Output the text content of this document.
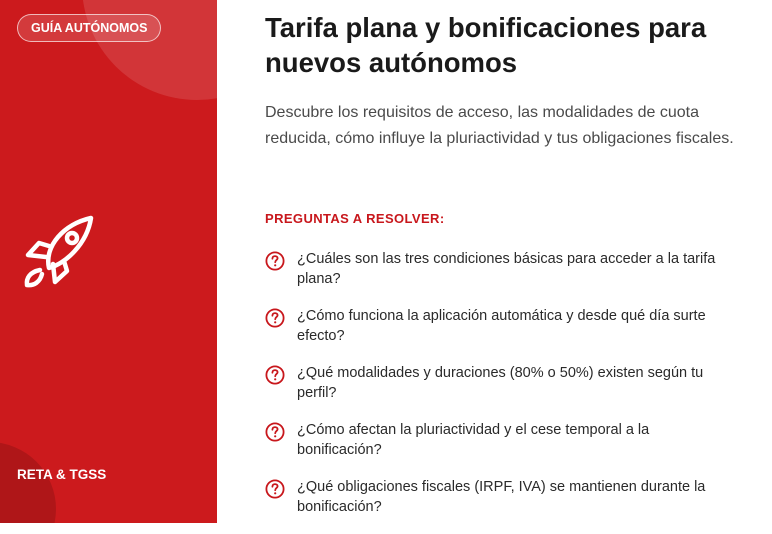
GUÍA AUTÓNOMOS
RETA & TGSS
Tarifa plana y bonificaciones para nuevos autónomos

Descubre los requisitos de acceso, las modalidades de cuota reducida, cómo influye la pluriactividad y tus obligaciones fiscales.

PREGUNTAS A RESOLVER:
¿Cuáles son las tres condiciones básicas para acceder a la tarifa plana?
¿Cómo funciona la aplicación automática y desde qué día surte efecto?
¿Qué modalidades y duraciones (80% o 50%) existen según tu perfil?
¿Cómo afectan la pluriactividad y el cese temporal a la bonificación?
¿Qué obligaciones fiscales (IRPF, IVA) se mantienen durante la bonificación?
